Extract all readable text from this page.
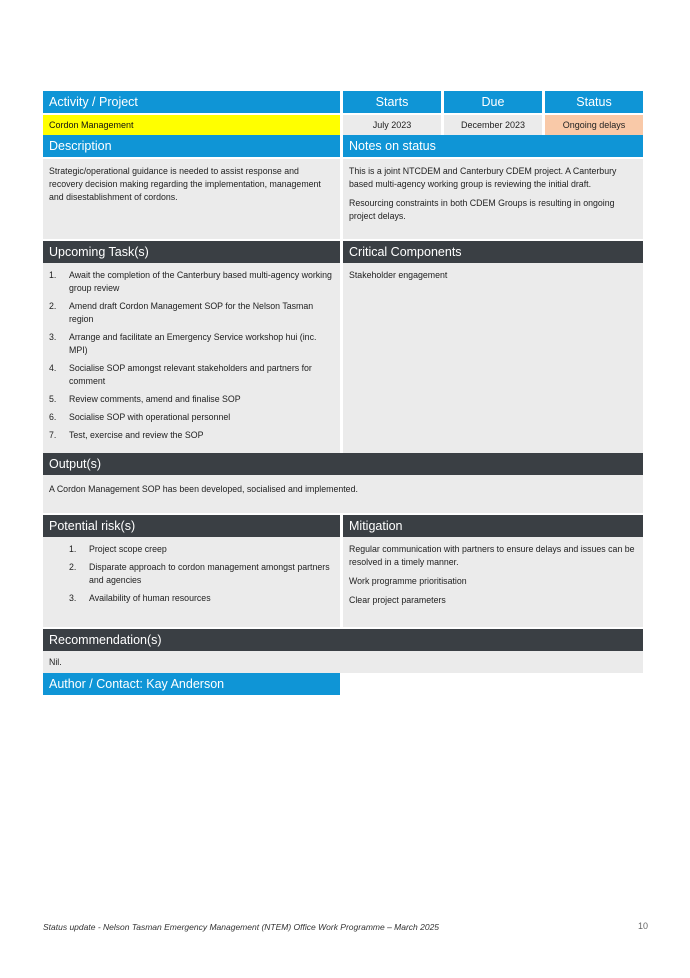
Activity / Project	Starts	Due	Status
Cordon Management	July 2023	December 2023	Ongoing delays
Description	Notes on status

Strategic/operational guidance is needed to assist response and recovery decision making regarding the implementation, management and disestablishment of cordons.

This is a joint NTCDEM and Canterbury CDEM project. A Canterbury based multi-agency working group is reviewing the initial draft.

Resourcing constraints in both CDEM Groups is resulting in ongoing project delays.

Upcoming Task(s)	Critical Components
1.	Await the completion of the Canterbury based multi-agency working group review
2.	Amend draft Cordon Management SOP for the Nelson Tasman region
3.	Arrange and facilitate an Emergency Service workshop hui (inc. MPI)
4.	Socialise SOP amongst relevant stakeholders and partners for comment
5.	Review comments, amend and finalise SOP
6.	Socialise SOP with operational personnel
7.	Test, exercise and review the SOP

Stakeholder engagement

Output(s)
A Cordon Management SOP has been developed, socialised and implemented.
Potential risk(s)	Mitigation
1.	Project scope creep
2.	Disparate approach to cordon management amongst partners and agencies
3.	Availability of human resources

Regular communication with partners to ensure delays and issues can be resolved in a timely manner.

Work programme prioritisation

Clear project parameters

Recommendation(s)
Nil.
Author / Contact: Kay Anderson
Status update - Nelson Tasman Emergency Management (NTEM) Office Work Programme – March 2025	10
